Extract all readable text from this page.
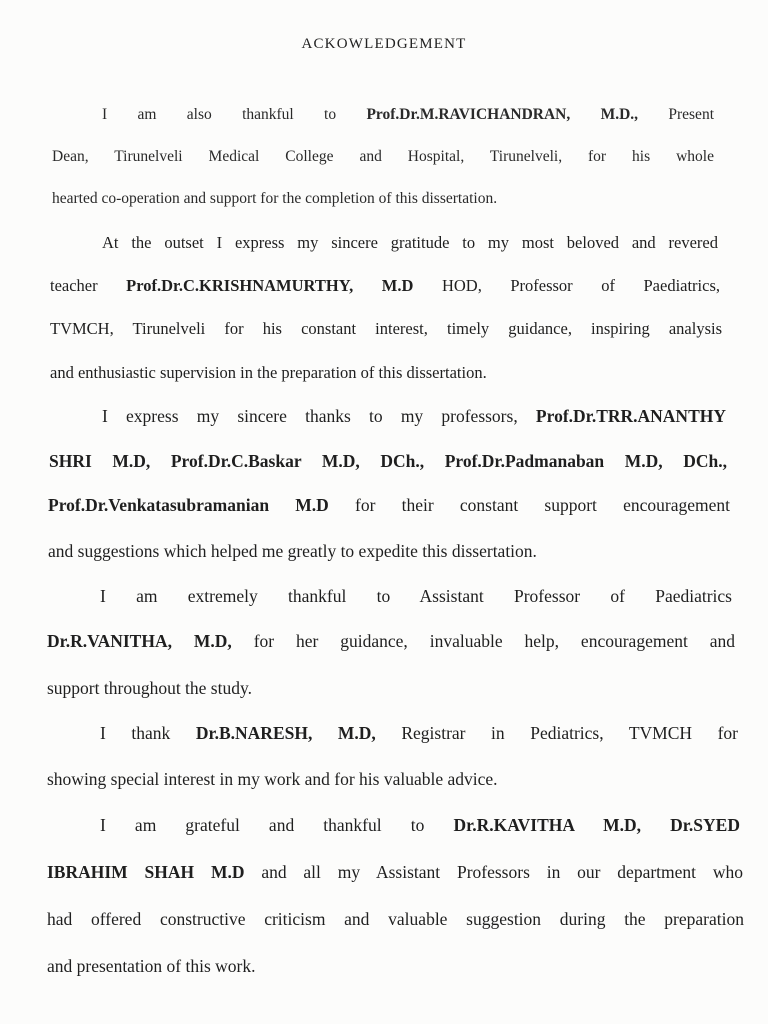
ACKOWLEDGEMENT
I am also thankful to Prof.Dr.M.RAVICHANDRAN, M.D., Present
Dean, Tirunelveli Medical College and Hospital, Tirunelveli, for his whole
hearted co-operation and support for the completion of this dissertation.
At the outset I express my sincere gratitude to my most beloved and revered
teacher Prof.Dr.C.KRISHNAMURTHY, M.D HOD, Professor of Paediatrics,
TVMCH, Tirunelveli for his constant interest, timely guidance, inspiring analysis
and enthusiastic supervision in the preparation of this dissertation.
I express my sincere thanks to my professors, Prof.Dr.TRR.ANANTHY
SHRI M.D, Prof.Dr.C.Baskar M.D, DCh., Prof.Dr.Padmanaban M.D, DCh.,
Prof.Dr.Venkatasubramanian M.D for their constant support encouragement
and suggestions which helped me greatly to expedite this dissertation.
I am extremely thankful to Assistant Professor of Paediatrics
Dr.R.VANITHA, M.D, for her guidance, invaluable help, encouragement and
support throughout the study.
I thank Dr.B.NARESH, M.D, Registrar in Pediatrics, TVMCH for
showing special interest in my work and for his valuable advice.
I am grateful and thankful to Dr.R.KAVITHA M.D, Dr.SYED
IBRAHIM SHAH M.D and all my Assistant Professors in our department who
had offered constructive criticism and valuable suggestion during the preparation
and presentation of this work.
